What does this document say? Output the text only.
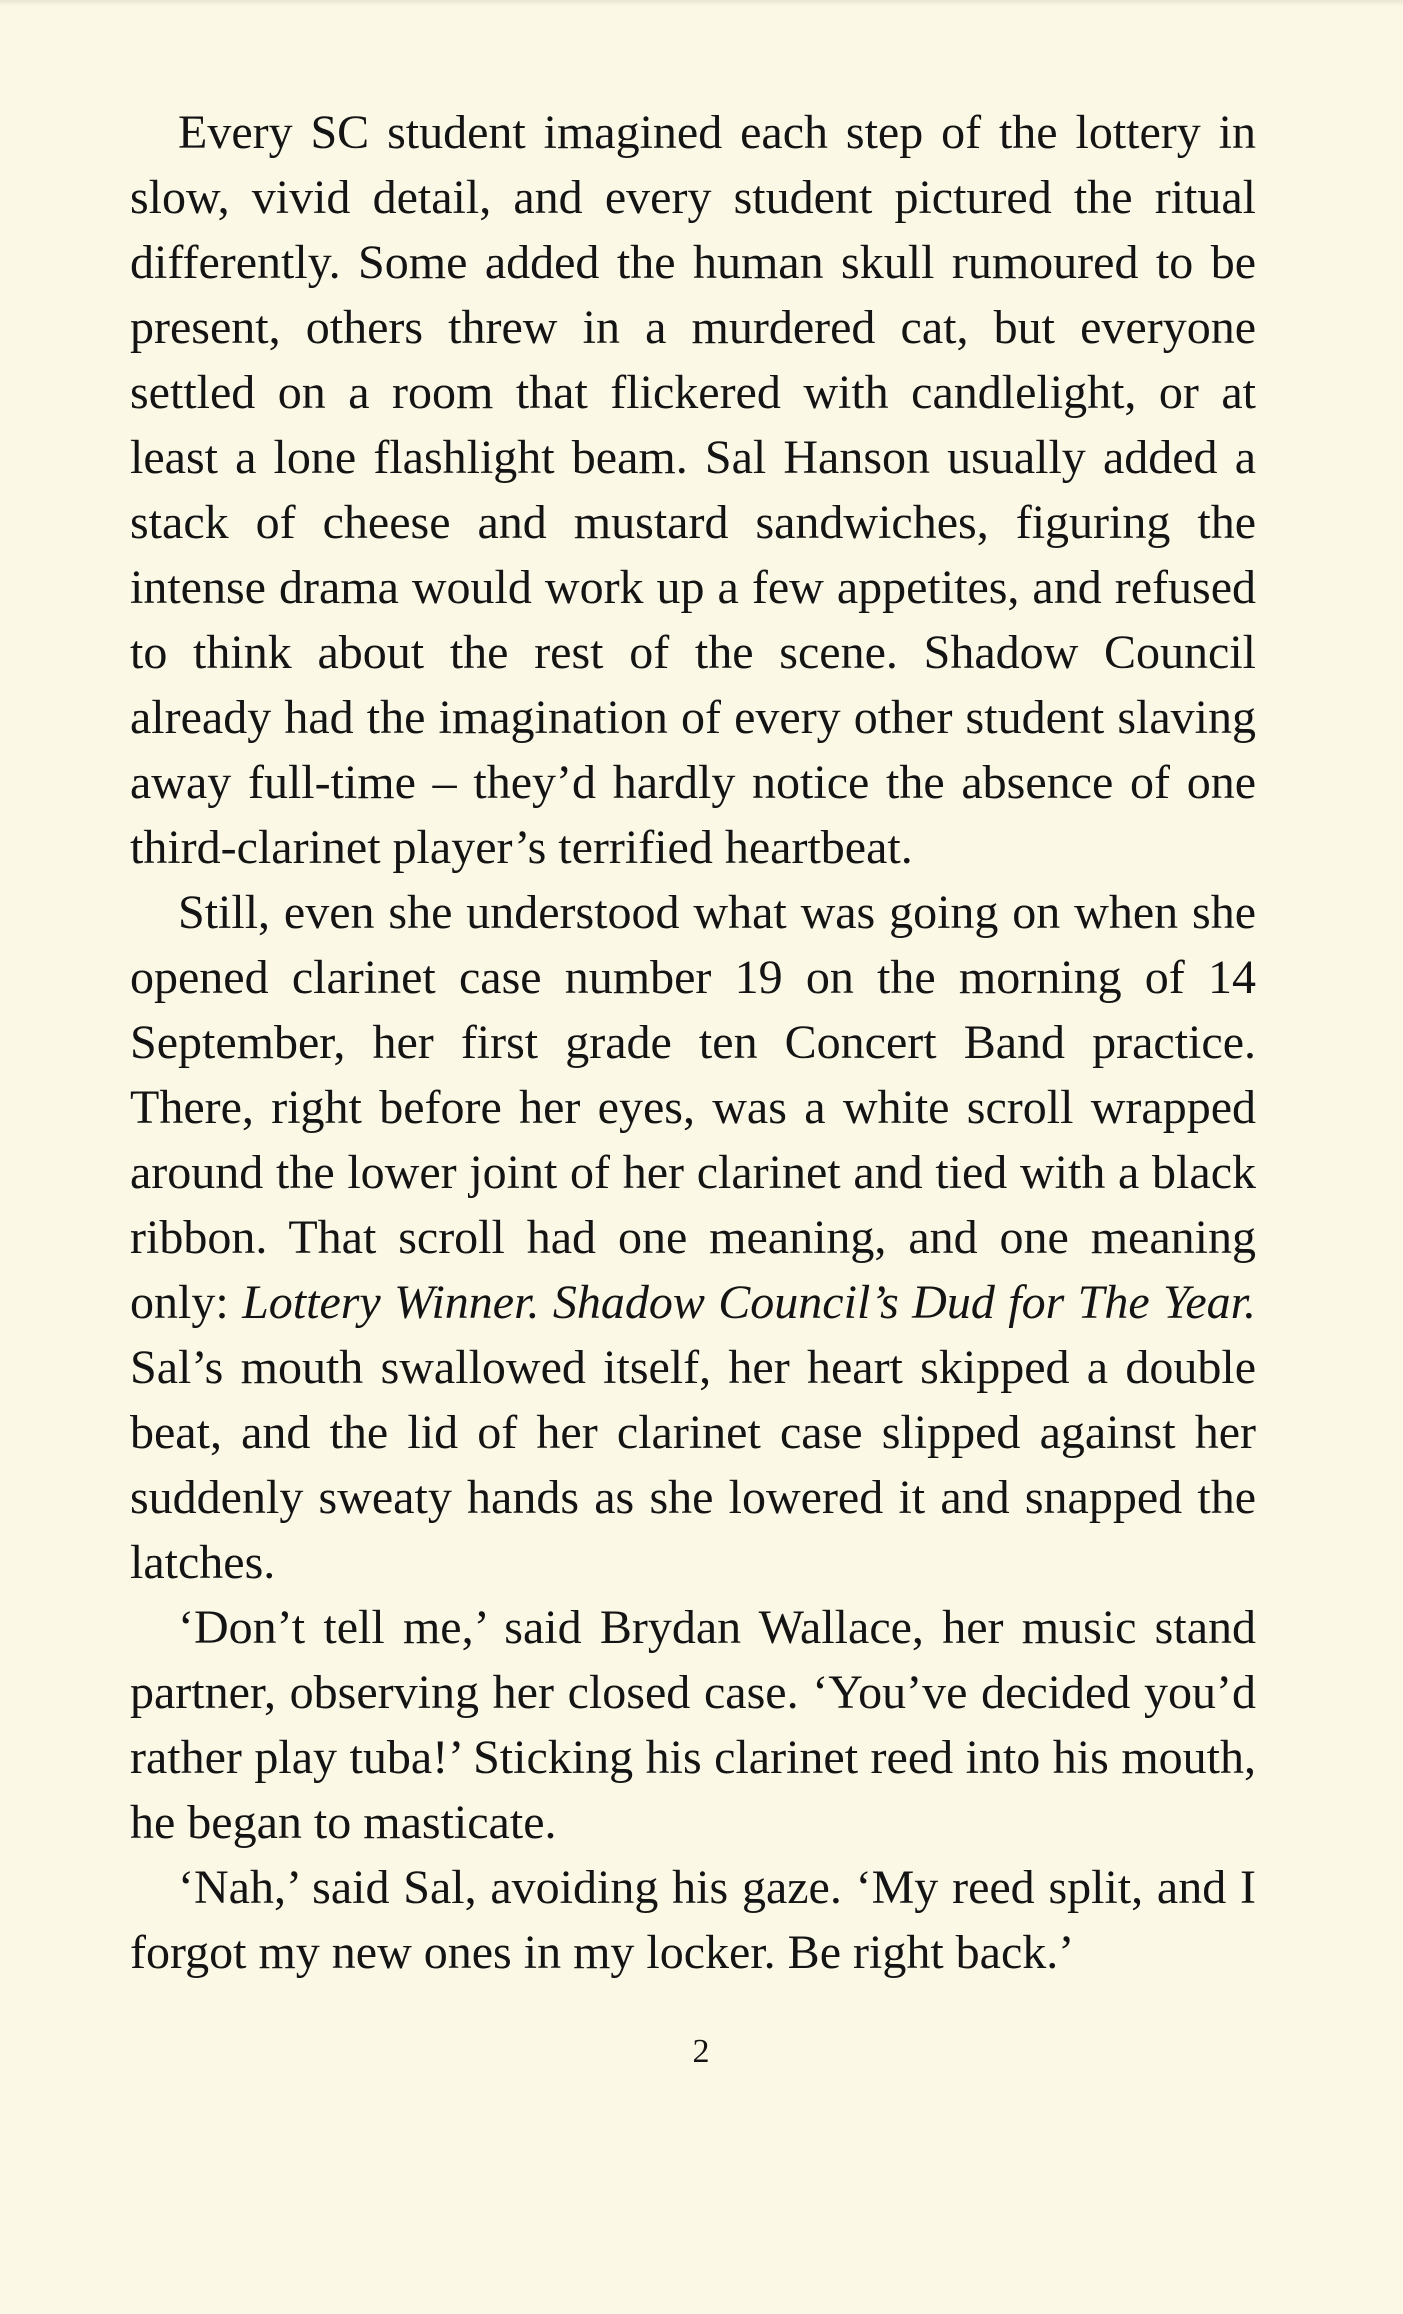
Every SC student imagined each step of the lottery in slow, vivid detail, and every student pictured the ritual differently. Some added the human skull rumoured to be present, others threw in a murdered cat, but everyone settled on a room that flickered with candlelight, or at least a lone flashlight beam. Sal Hanson usually added a stack of cheese and mustard sandwiches, figuring the intense drama would work up a few appetites, and refused to think about the rest of the scene. Shadow Council already had the imagination of every other student slaving away full-time – they’d hardly notice the absence of one third-clarinet player’s terrified heartbeat.

Still, even she understood what was going on when she opened clarinet case number 19 on the morning of 14 September, her first grade ten Concert Band practice. There, right before her eyes, was a white scroll wrapped around the lower joint of her clarinet and tied with a black ribbon. That scroll had one meaning, and one meaning only: Lottery Winner. Shadow Council’s Dud for The Year. Sal’s mouth swallowed itself, her heart skipped a double beat, and the lid of her clarinet case slipped against her suddenly sweaty hands as she lowered it and snapped the latches.

‘Don’t tell me,’ said Brydan Wallace, her music stand partner, observing her closed case. ‘You’ve decided you’d rather play tuba!’ Sticking his clarinet reed into his mouth, he began to masticate.

‘Nah,’ said Sal, avoiding his gaze. ‘My reed split, and I forgot my new ones in my locker. Be right back.’

2
